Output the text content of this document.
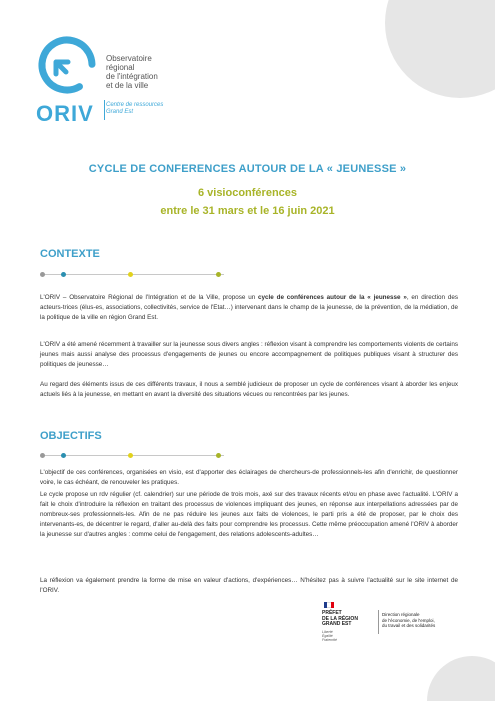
Observatoire
régional
de l'intégration
et de la ville
ORIV Centre de ressources
Grand Est
CYCLE DE CONFERENCES AUTOUR DE LA « JEUNESSE »
6 visioconférences
entre le 31 mars et le 16 juin 2021
CONTEXTE
L'ORIV – Observatoire Régional de l'Intégration et de la Ville, propose un cycle de conférences autour de la « jeunesse », en direction des acteurs-trices (élus-es, associations, collectivités, service de l'Etat…) intervenant dans le champ de la jeunesse, de la prévention, de la médiation, de la politique de la ville en région Grand Est.
L'ORIV a été amené récemment à travailler sur la jeunesse sous divers angles : réflexion visant à comprendre les comportements violents de certains jeunes mais aussi analyse des processus d'engagements de jeunes ou encore accompagnement de politiques publiques visant à structurer des politiques de jeunesse…
Au regard des éléments issus de ces différents travaux, il nous a semblé judicieux de proposer un cycle de conférences visant à aborder les enjeux actuels liés à la jeunesse, en mettant en avant la diversité des situations vécues ou rencontrées par les jeunes.
OBJECTIFS
L'objectif de ces conférences, organisées en visio, est d'apporter des éclairages de chercheurs-de professionnels-les afin d'enrichir, de questionner voire, le cas échéant, de renouveler les pratiques.
Le cycle propose un rdv régulier (cf. calendrier) sur une période de trois mois, axé sur des travaux récents et/ou en phase avec l'actualité. L'ORIV a fait le choix d'introduire la réflexion en traitant des processus de violences impliquant des jeunes, en réponse aux interpellations adressées par de nombreux-ses professionnels-les. Afin de ne pas réduire les jeunes aux faits de violences, le parti pris a été de proposer, par le choix des intervenants-es, de décentrer le regard, d'aller au-delà des faits pour comprendre les processus. Cette même préoccupation amené l'ORIV à aborder la jeunesse sur d'autres angles : comme celui de l'engagement, des relations adolescents-adultes…
La réflexion va également prendre la forme de mise en valeur d'actions, d'expériences… N'hésitez pas à suivre l'actualité sur le site internet de l'ORIV.
PRÉFET
DE LA RÉGION
GRAND EST
Liberté
Égalité
Fraternité
Direction régionale
de l'économie, de l'emploi,
du travail et des solidarités
